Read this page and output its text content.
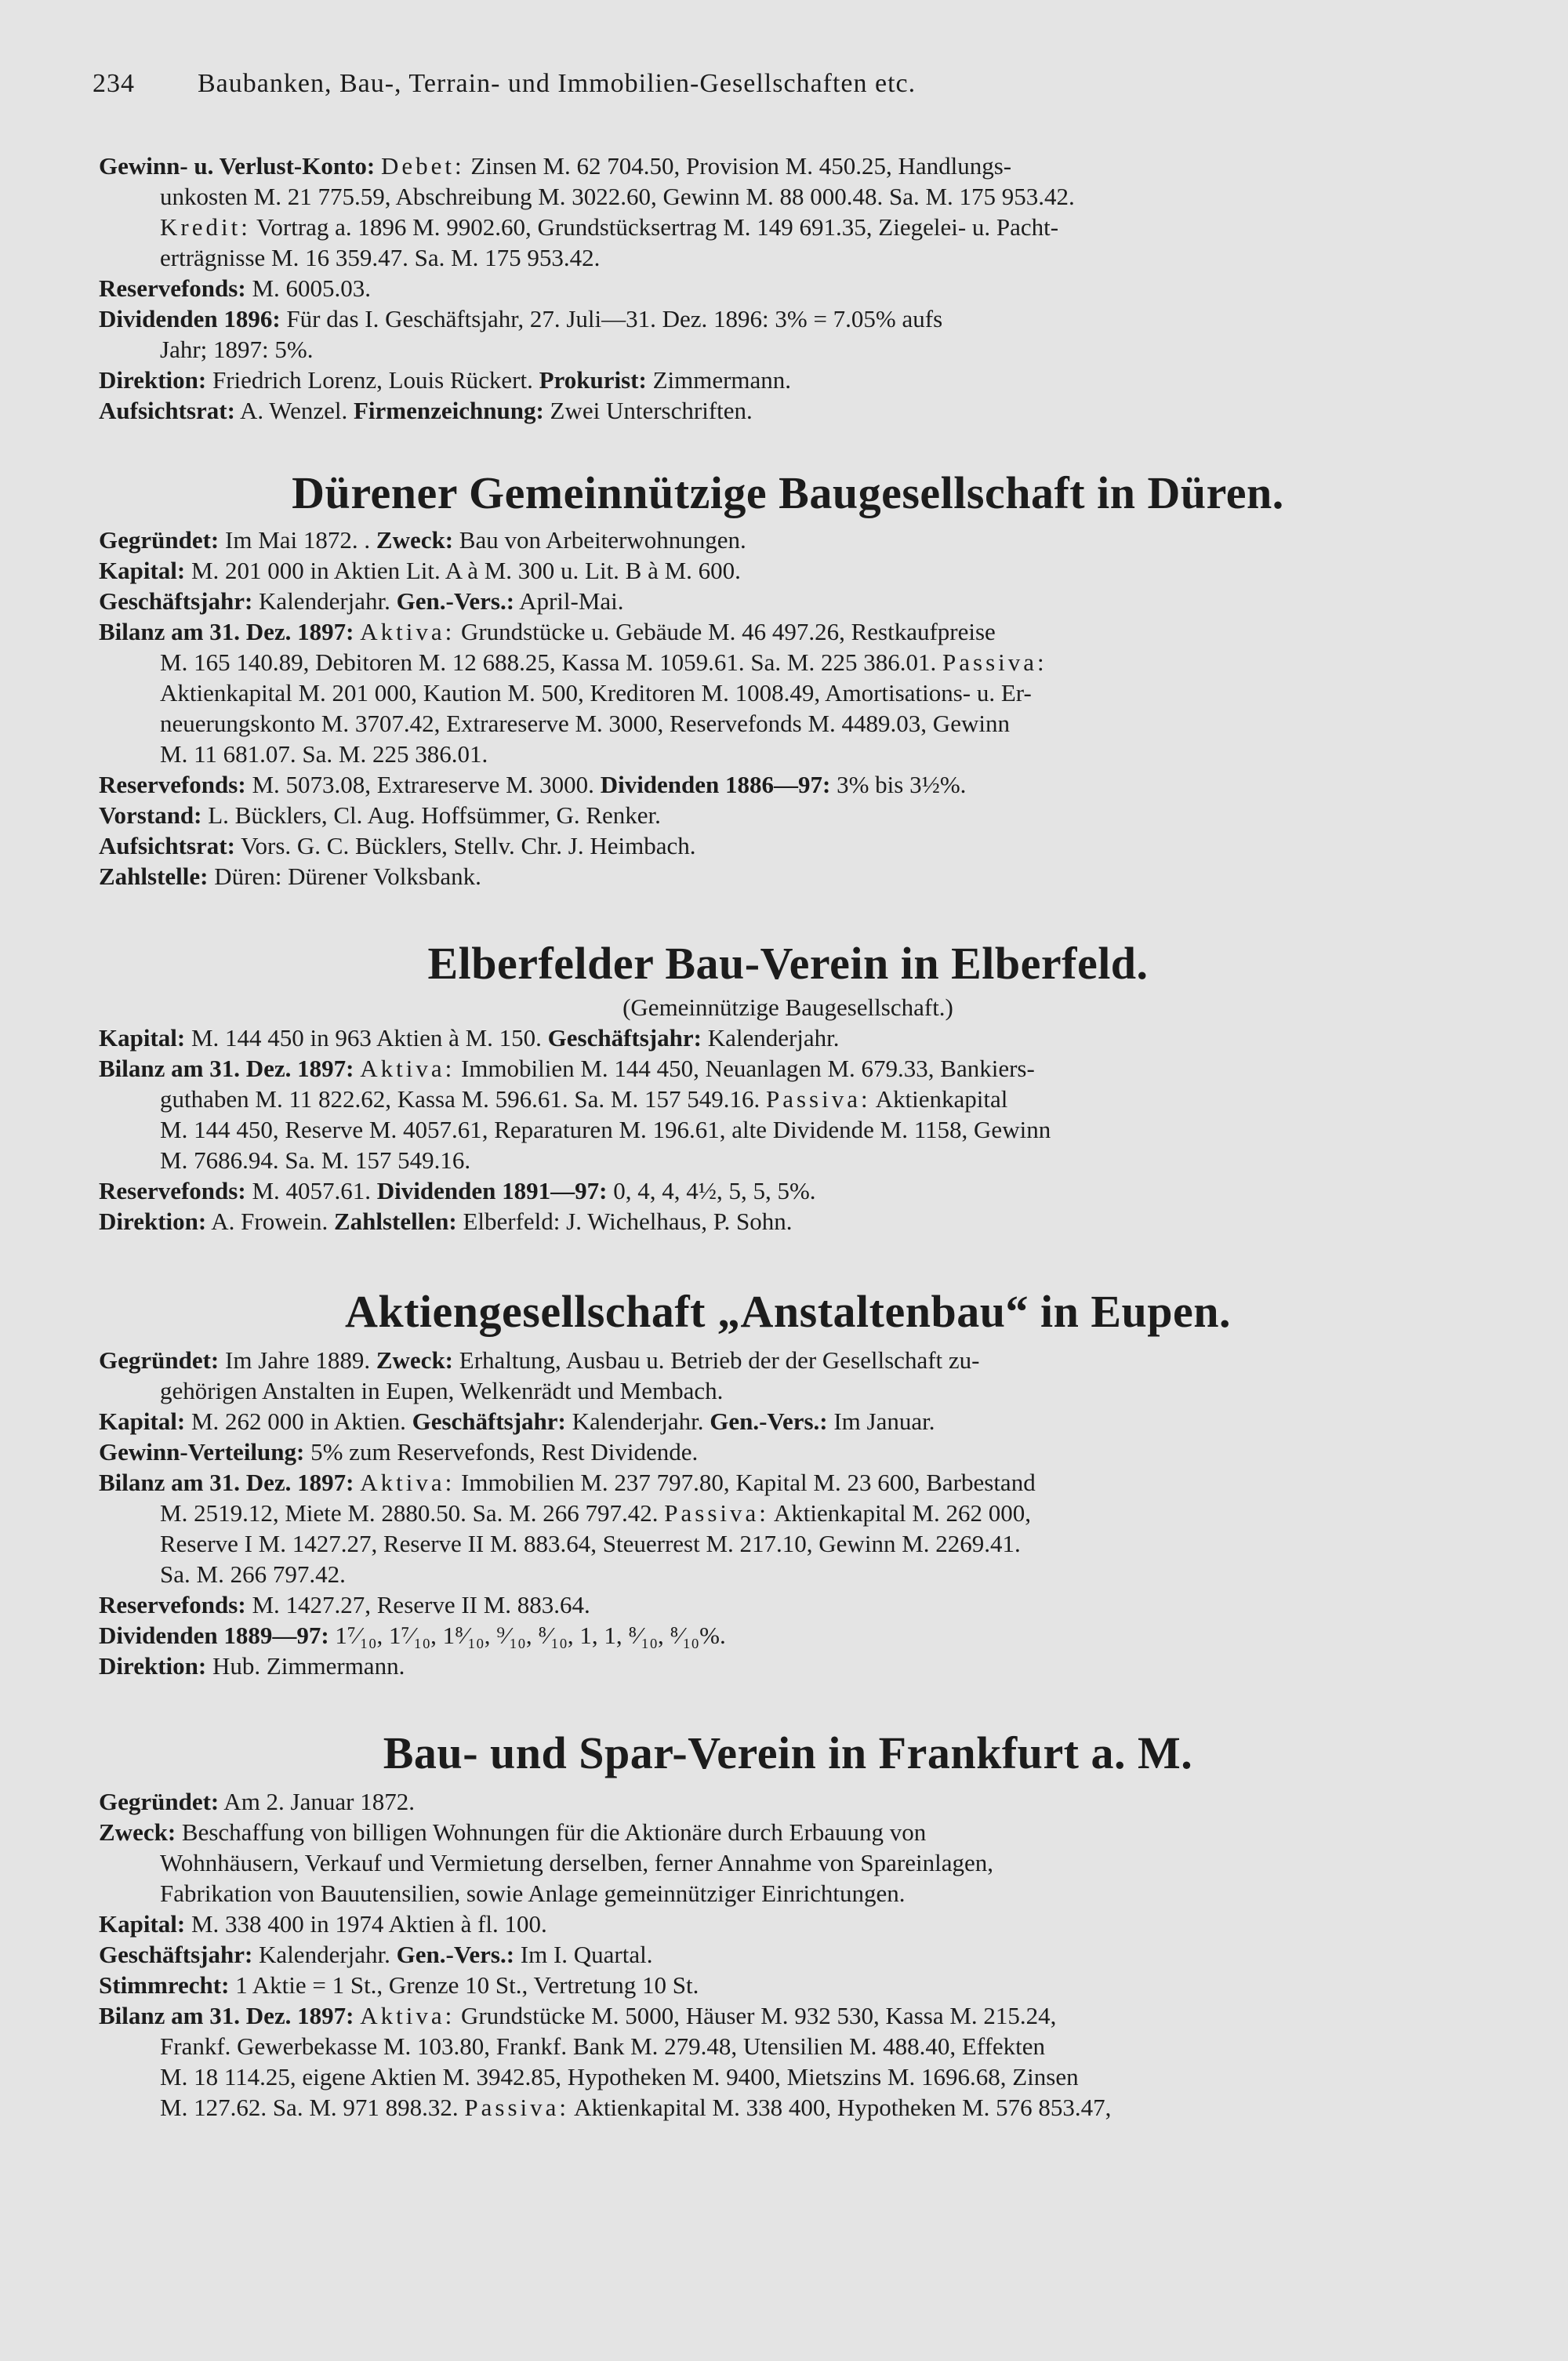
234 Baubanken, Bau-, Terrain- und Immobilien-Gesellschaften etc.

Gewinn- u. Verlust-Konto: Debet: Zinsen M. 62 704.50, Provision M. 450.25, Handlungs-

unkosten M. 21 775.59, Abschreibung M. 3022.60, Gewinn M. 88 000.48. Sa. M. 175 953.42.

Kredit: Vortrag a. 1896 M. 9902.60, Grundstücksertrag M. 149 691.35, Ziegelei- u. Pacht-

erträgnisse M. 16 359.47. Sa. M. 175 953.42.

Reservefonds: M. 6005.03.

Dividenden 1896: Für das I. Geschäftsjahr, 27. Juli—31. Dez. 1896: 3% = 7.05% aufs

Jahr; 1897: 5%.

Direktion: Friedrich Lorenz, Louis Rückert. Prokurist: Zimmermann.

Aufsichtsrat: A. Wenzel. Firmenzeichnung: Zwei Unterschriften.

Dürener Gemeinnützige Baugesellschaft in Düren.

Gegründet: Im Mai 1872. . Zweck: Bau von Arbeiterwohnungen.

Kapital: M. 201 000 in Aktien Lit. A à M. 300 u. Lit. B à M. 600.

Geschäftsjahr: Kalenderjahr. Gen.-Vers.: April-Mai.

Bilanz am 31. Dez. 1897: Aktiva: Grundstücke u. Gebäude M. 46 497.26, Restkaufpreise

M. 165 140.89, Debitoren M. 12 688.25, Kassa M. 1059.61. Sa. M. 225 386.01. Passiva:

Aktienkapital M. 201 000, Kaution M. 500, Kreditoren M. 1008.49, Amortisations- u. Er-

neuerungskonto M. 3707.42, Extrareserve M. 3000, Reservefonds M. 4489.03, Gewinn

M. 11 681.07. Sa. M. 225 386.01.

Reservefonds: M. 5073.08, Extrareserve M. 3000. Dividenden 1886—97: 3% bis 3½%.

Vorstand: L. Bücklers, Cl. Aug. Hoffsümmer, G. Renker.

Aufsichtsrat: Vors. G. C. Bücklers, Stellv. Chr. J. Heimbach.

Zahlstelle: Düren: Dürener Volksbank.

Elberfelder Bau-Verein in Elberfeld.

(Gemeinnützige Baugesellschaft.)

Kapital: M. 144 450 in 963 Aktien à M. 150. Geschäftsjahr: Kalenderjahr.

Bilanz am 31. Dez. 1897: Aktiva: Immobilien M. 144 450, Neuanlagen M. 679.33, Bankiers-

guthaben M. 11 822.62, Kassa M. 596.61. Sa. M. 157 549.16. Passiva: Aktienkapital

M. 144 450, Reserve M. 4057.61, Reparaturen M. 196.61, alte Dividende M. 1158, Gewinn

M. 7686.94. Sa. M. 157 549.16.

Reservefonds: M. 4057.61. Dividenden 1891—97: 0, 4, 4, 4½, 5, 5, 5%.

Direktion: A. Frowein. Zahlstellen: Elberfeld: J. Wichelhaus, P. Sohn.

Aktiengesellschaft „Anstaltenbau“ in Eupen.

Gegründet: Im Jahre 1889. Zweck: Erhaltung, Ausbau u. Betrieb der der Gesellschaft zu-

gehörigen Anstalten in Eupen, Welkenrädt und Membach.

Kapital: M. 262 000 in Aktien. Geschäftsjahr: Kalenderjahr. Gen.-Vers.: Im Januar.

Gewinn-Verteilung: 5% zum Reservefonds, Rest Dividende.

Bilanz am 31. Dez. 1897: Aktiva: Immobilien M. 237 797.80, Kapital M. 23 600, Barbestand

M. 2519.12, Miete M. 2880.50. Sa. M. 266 797.42. Passiva: Aktienkapital M. 262 000,

Reserve I M. 1427.27, Reserve II M. 883.64, Steuerrest M. 217.10, Gewinn M. 2269.41.

Sa. M. 266 797.42.

Reservefonds: M. 1427.27, Reserve II M. 883.64.

Dividenden 1889—97: 1⁷⁄₁₀, 1⁷⁄₁₀, 1⁸⁄₁₀, ⁹⁄₁₀, ⁸⁄₁₀, 1, 1, ⁸⁄₁₀, ⁸⁄₁₀%.

Direktion: Hub. Zimmermann.

Bau- und Spar-Verein in Frankfurt a. M.

Gegründet: Am 2. Januar 1872.

Zweck: Beschaffung von billigen Wohnungen für die Aktionäre durch Erbauung von

Wohnhäusern, Verkauf und Vermietung derselben, ferner Annahme von Spareinlagen,

Fabrikation von Bauutensilien, sowie Anlage gemeinnütziger Einrichtungen.

Kapital: M. 338 400 in 1974 Aktien à fl. 100.

Geschäftsjahr: Kalenderjahr. Gen.-Vers.: Im I. Quartal.

Stimmrecht: 1 Aktie = 1 St., Grenze 10 St., Vertretung 10 St.

Bilanz am 31. Dez. 1897: Aktiva: Grundstücke M. 5000, Häuser M. 932 530, Kassa M. 215.24,

Frankf. Gewerbekasse M. 103.80, Frankf. Bank M. 279.48, Utensilien M. 488.40, Effekten

M. 18 114.25, eigene Aktien M. 3942.85, Hypotheken M. 9400, Mietszins M. 1696.68, Zinsen

M. 127.62. Sa. M. 971 898.32. Passiva: Aktienkapital M. 338 400, Hypotheken M. 576 853.47,
